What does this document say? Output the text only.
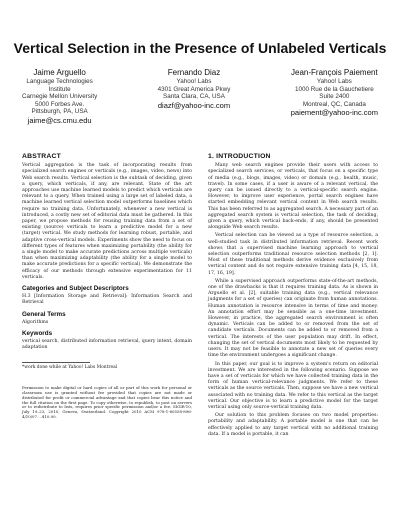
Vertical Selection in the Presence of Unlabeled Verticals
Jaime Arguello
Language Technologies
Institute
Carnegie Mellon University
5000 Forbes Ave.
Pittsburgh, PA, USA
jaime@cs.cmu.edu
Fernando Diaz
Yahoo! Labs
4301 Great America Pkwy
Santa Clara, CA, USA
diazf@yahoo-inc.com
Jean-François Paiement
Yahoo! Labs
1000 Rue de la Gauchetiere
Suite 2400
Montreal, QC, Canada
paiement@yahoo-inc.com
ABSTRACT

Vertical aggregation is the task of incorporating results from specialized search engines or verticals (e.g., images, video, news) into Web search results. Vertical selection is the subtask of deciding, given a query, which verticals, if any, are relevant. State of the art approaches use machine learned models to predict which verticals are relevant to a query. When trained using a large set of labeled data, a machine learned vertical selection model outperforms baselines which require no training data. Unfortunately, whenever a new vertical is introduced, a costly new set of editorial data must be gathered. In this paper, we propose methods for reusing training data from a set of existing (source) verticals to learn a predictive model for a new (target) vertical. We study methods for learning robust, portable, and adaptive cross-vertical models. Experiments show the need to focus on different types of features when maximizing portability (the ability for a single model to make accurate predictions across multiple verticals) than when maximizing adaptability (the ability for a single model to make accurate predictions for a specific vertical). We demonstrate the efficacy of our methods through extensive experimentation for 11 verticals.

Categories and Subject Descriptors

H.3 [Information Storage and Retrieval]: Information Search and Retrieval

General Terms

Algorithms

Keywords

vertical search, distributed information retrieval, query intent, domain adaptation

*work done while at Yahoo! Labs Montreal
Permission to make digital or hard copies of all or part of this work for personal or classroom use is granted without fee provided that copies are not made or distributed for profit or commercial advantage and that copies bear this notice and the full citation on the first page. To copy otherwise, to republish, to post on servers or to redistribute to lists, requires prior specific permission and/or a fee. SIGIR'10, July 19–23, 2010, Geneva, Switzerland. Copyright 2010 ACM 978-1-60558-896-4/10/07 ...$10.00.
1. INTRODUCTION

Many web search engines provide their users with access to specialized search services, or verticals, that focus on a specific type of media (e.g., blogs, images, video) or domain (e.g., health, music, travel). In some cases, if a user is aware of a relevant vertical, the query can be issued directly to a vertical-specific search engine. However, to improve user experience, portal search engines have started embedding relevant vertical content in Web search results. This has been referred to as aggregated search. A necessary part of an aggregated search system is vertical selection, the task of deciding, given a query, which vertical back-ends, if any, should be presented alongside Web search results.

Vertical selection can be viewed as a type of resource selection, a well-studied task in distributed information retrieval. Recent work shows that a supervised machine learning approach to vertical selection outperforms traditional resource selection methods [2, 1]. Most of these traditional methods derive evidence exclusively from vertical content and do not require extensive training data [4, 15, 18, 17, 16, 19].

While a supervised approach outperforms state-of-the-art methods, one of the drawbacks is that it requires training data. As is shown in Arguello et al. [2], suitable training data (e.g., vertical relevance judgments for a set of queries) can originate from human annotations. Human annotation is resource intensive in terms of time and money. An annotation effort may be sensible as a one-time investment. However, in practice, the aggregated search environment is often dynamic. Verticals can be added to or removed from the set of candidate verticals. Documents can be added to or removed from a vertical. The interests of the user population may drift. In effect, changing the set of vertical documents most likely to be requested by users. It may not be feasible to annotate a new set of queries every time the environment undergoes a significant change.

In this paper, our goal is to improve a system's return on editorial investment. We are interested in the following scenario. Suppose we have a set of verticals for which we have collected training data in the form of human vertical-relevance judgments. We refer to these verticals as the source verticals. Then, suppose we have a new vertical associated with no training data. We refer to this vertical as the target vertical. Our objective is to learn a predictive model for the target vertical using only source-vertical training data.

Our solution to this problem focuses on two model properties: portability and adaptability. A portable model is one that can be effectively applied to any target vertical with no additional training data. If a model is portable, it can
